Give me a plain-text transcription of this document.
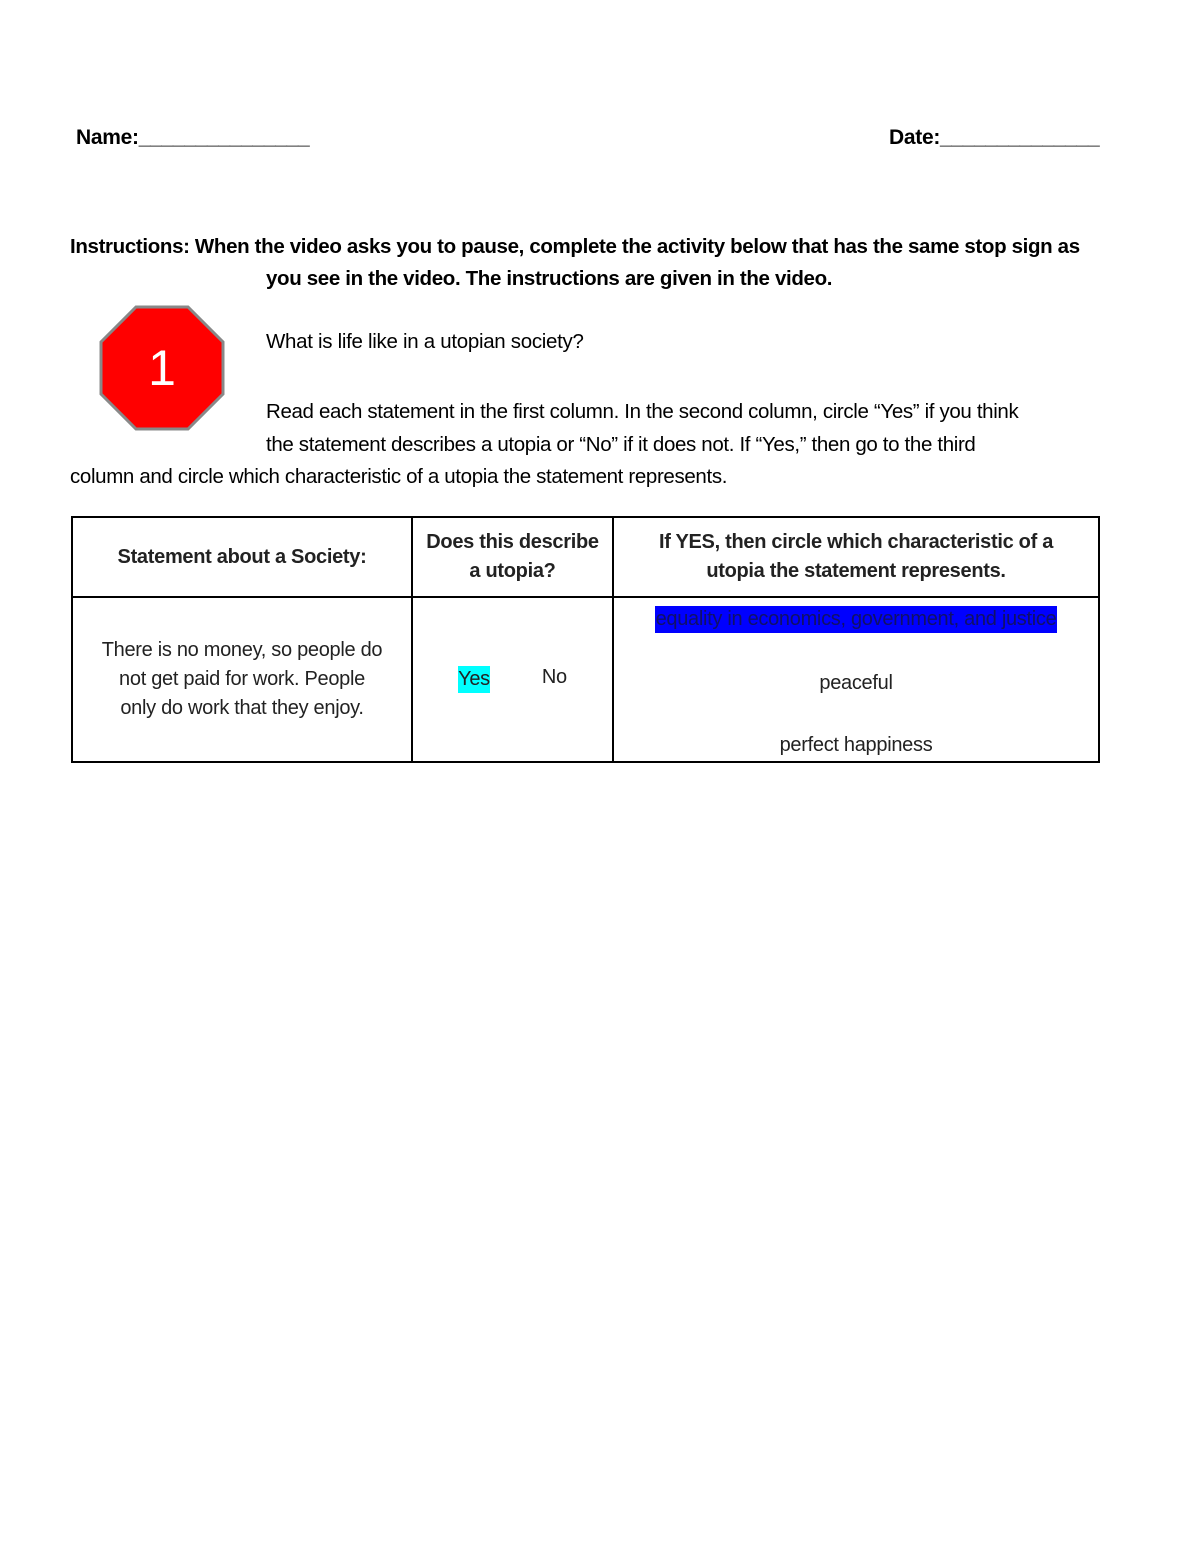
Name:_______________	Date:______________
Instructions: When the video asks you to pause, complete the activity below that has the same stop sign as
you see in the video. The instructions are given in the video.
1	What is life like in a utopian society?
Read each statement in the first column. In the second column, circle “Yes” if you think
the statement describes a utopia or “No” if it does not. If “Yes,” then go to the third
column and circle which characteristic of a utopia the statement represents.
Statement about a Society:	Does this describe
a utopia?	If YES, then circle which characteristic of a
utopia the statement represents.

There is no money, so people do
not get paid for work. People
only do work that they enjoy.	Yes No	equality in economics, government, and justice
peaceful
perfect happiness
